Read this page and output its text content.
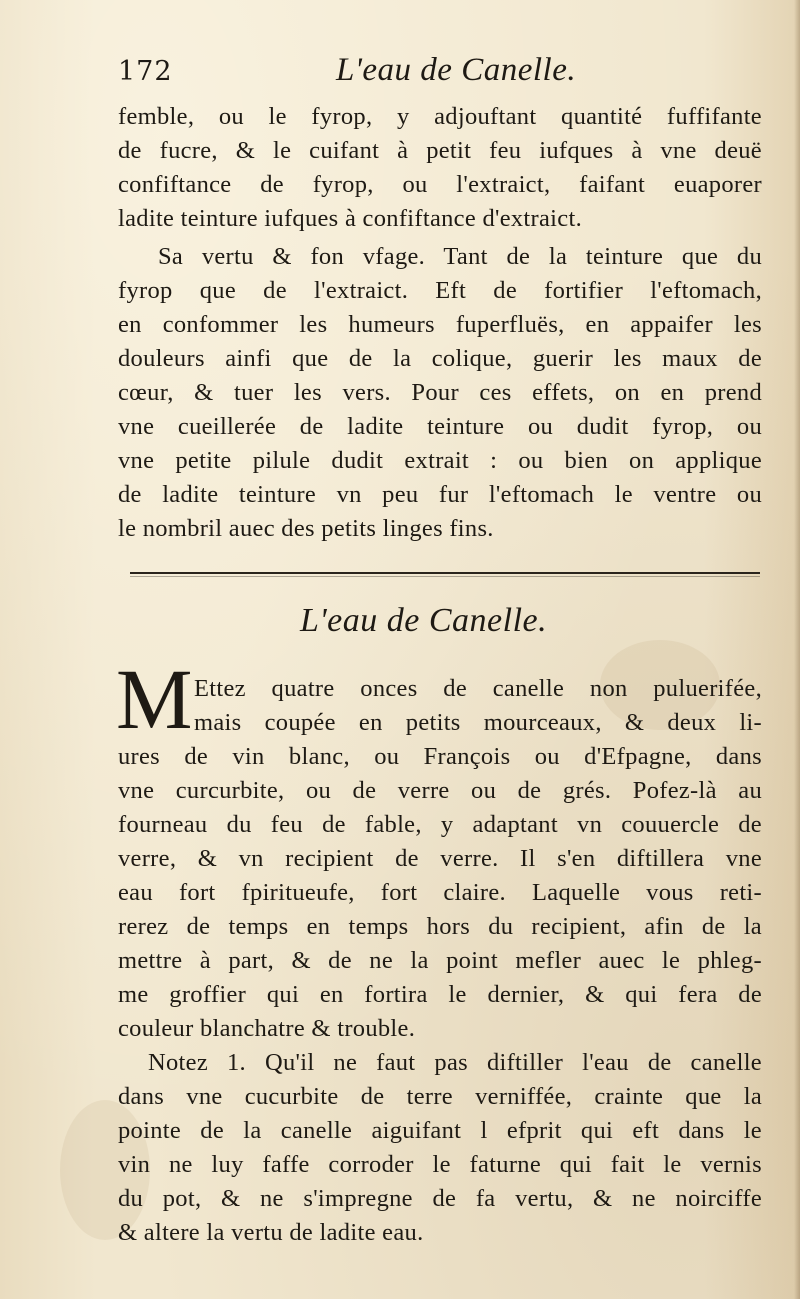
172	L'eau de Canelle.
femble, ou le fyrop, y adjouftant quantité fuffifante
de fucre, & le cuifant à petit feu iufques à vne deuë
confiftance de fyrop, ou l'extraict, faifant euaporer
ladite teinture iufques à confiftance d'extraict.
Sa vertu & fon vfage. Tant de la teinture que du
fyrop que de l'extraict. Eft de fortifier l'eftomach,
en confommer les humeurs fuperfluës, en appaifer les
douleurs ainfi que de la colique, guerir les maux de
cœur, & tuer les vers. Pour ces effets, on en prend
vne cueillerée de ladite teinture ou dudit fyrop, ou
vne petite pilule dudit extrait : ou bien on applique
de ladite teinture vn peu fur l'eftomach le ventre ou
le nombril auec des petits linges fins.
L'eau de Canelle.
M Ettez quatre onces de canelle non puluerifée,
mais coupée en petits mourceaux, & deux li-
ures de vin blanc, ou François ou d'Efpagne, dans
vne curcurbite, ou de verre ou de grés. Pofez-là au
fourneau du feu de fable, y adaptant vn couuercle de
verre, & vn recipient de verre. Il s'en diftillera vne
eau fort fpiritueufe, fort claire. Laquelle vous reti-
rerez de temps en temps hors du recipient, afin de la
mettre à part, & de ne la point mefler auec le phleg-
me groffier qui en fortira le dernier, & qui fera de
couleur blanchatre & trouble.
Notez 1. Qu'il ne faut pas diftiller l'eau de canelle
dans vne cucurbite de terre verniffée, crainte que la
pointe de la canelle aiguifant l efprit qui eft dans le
vin ne luy faffe corroder le faturne qui fait le vernis
du pot, & ne s'impregne de fa vertu, & ne noirciffe
& altere la vertu de ladite eau.
